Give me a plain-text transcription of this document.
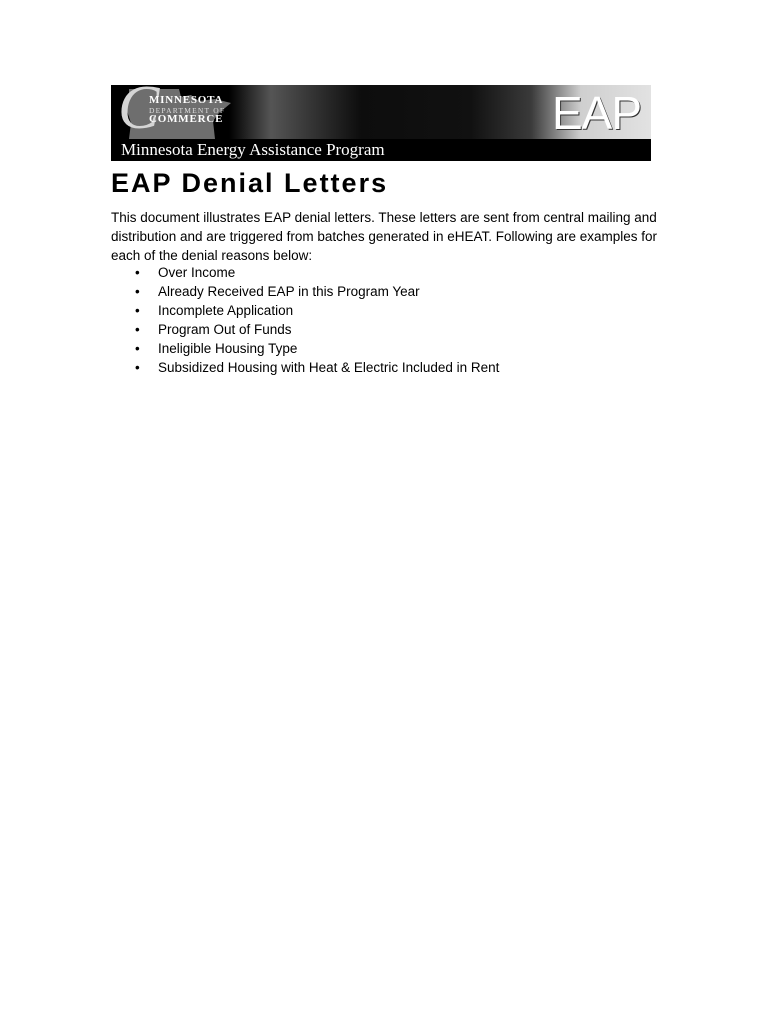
C
MINNESOTA
DEPARTMENT OF
COMMERCE	EAP
Minnesota Energy Assistance Program
EAP Denial Letters

This document illustrates EAP denial letters. These letters are sent from central mailing and distribution and are triggered from batches generated in eHEAT. Following are examples for each of the denial reasons below:

• Over Income
• Already Received EAP in this Program Year
• Incomplete Application
• Program Out of Funds
• Ineligible Housing Type
• Subsidized Housing with Heat & Electric Included in Rent
